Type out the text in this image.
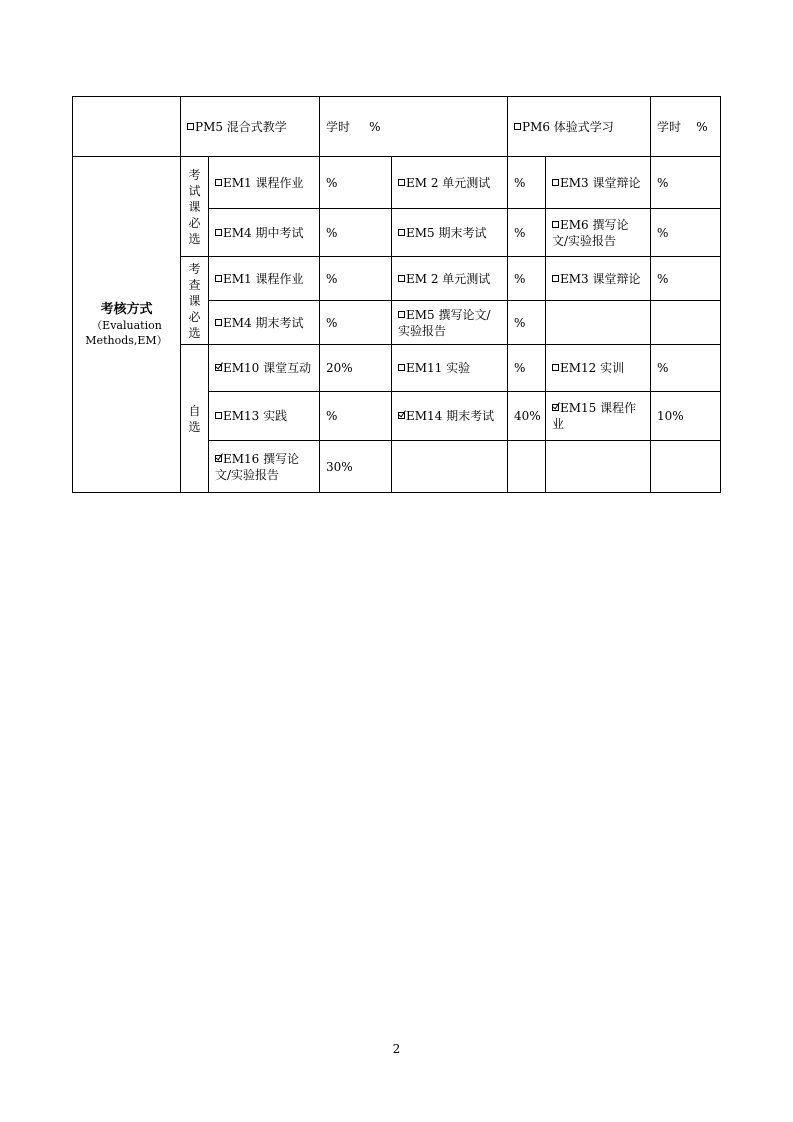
	PM5 混合式教学		学时 %		PM6 体验式学习		学时 %

考核方式
（Evaluation
Methods,EM）	考试课必选	EM1 课程作业	%	EM 2 单元测试	%	EM3 课堂辩论	%
		EM4 期中考试	%	EM5 期末考试	%	EM6 撰写论文/实验报告	%
	考查课必选	EM1 课程作业	%	EM 2 单元测试	%	EM3 课堂辩论	%
		EM4 期末考试	%	EM5 撰写论文/实验报告	%		
	自选	EM10 课堂互动	20%	EM11 实验	%	EM12 实训	%
		EM13 实践	%	EM14 期末考试	40%	EM15 课程作业	10%
		EM16 撰写论文/实验报告	30%				
2
